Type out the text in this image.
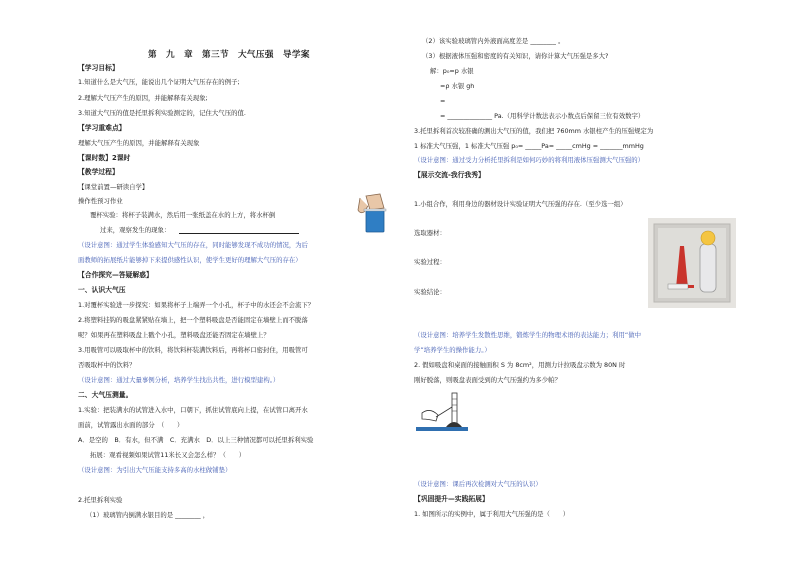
第　九　章　第三节　大气压强　导学案
【学习目标】
1.知道什么是大气压，能说出几个证明大气压存在的例子;
2.理解大气压产生的原因，并能解释有关现象;
3.知道大气压的值是托里拆利实验测定的，记住大气压的值.
【学习重难点】
理解大气压产生的原因，并能解释有关现象
【课时数】2课时
【教学过程】
【课堂前置—研读自学】
操作性预习作业
覆杯实验：将杯子装满水，然后用一张纸盖在水的上方，将水杯倒
过来，观察发生的现象：
（设计意图：通过学生体验感知大气压的存在，同时能够发现不成功的情况，为后
面教师的拓展纸片能够掉下来提供感性认识，使学生更好的理解大气压的存在）
【合作探究—答疑解惑】
一、认识大气压
1.对覆杯实验进一步探究：如果将杯子上端弄一个小孔，杯子中的水还会不会流下？
2.将塑料挂钩的吸盘紧紧贴在墙上，把一个塑料吸盘是否能固定在墙壁上而不脱落
呢？如果再在塑料吸盘上戳个小孔，塑料吸盘还能否固定在墙壁上？
3.用吸管可以吸取杯中的饮料，将饮料杯装满饮料后，再将杯口密封住，用吸管可
否吸取杯中的饮料？
（设计意图：通过大量事例分析，培养学生找出共性，进行模型建构。）
二、大气压测量。
1.实验：把装满水的试管进入水中，口朝下，抓住试管底向上提，在试管口离开水
面前，试管露出水面的部分　（　　）
A．是空的　B．有水，但不满　C．充满水　D．以上三种情况都可以托里拆利实验
拓展：观看视频如果试管11米长又会怎么样？（　　）
（设计意图：为引出大气压能支持多高的水柱做铺垫）
2.托里拆利实验
（1）玻璃管内倒满水银目的是 ________ ，
（2）该实验玻璃管内外液面高度差是 ________ 。
（3）根据液体压强和密度的有关知识，请你计算大气压强是多大?
解：p₀=p 水银
=ρ 水银 gh
=
= ______________ Pa.（用科学计数法表示小数点后保留三位有效数字）
3.托里拆利首次较准确的测出大气压的值，我们把 760mm 水银柱产生的压强规定为
1 标准大气压强，1 标准大气压强 p₀= _____Pa= _____cmHg = _______mmHg
（设计意图：通过受力分析托里拆利是如何巧妙的将利用液体压强测大气压强的）
【展示交流-我行我秀】
1.小组合作，利用身边的器材设计实验证明大气压强的存在.（至少选一组）
选取器材：
实验过程：
实验结论：
（设计意图：培养学生发散性思维，锻炼学生的物理术语的表达能力；利用“做中
学”培养学生的操作能力。）
2. 假如吸盘和桌面的接触面积 S 为 8cm²，用测力计拉吸盘示数为 80N 时
刚好脱落，则吸盘表面受到的大气压强约为多少帕？
（设计意图：课后再次检测对大气压的认识）
【巩固提升—实践拓展】
1. 如图所示的实例中，属于利用大气压强的是（　　）
